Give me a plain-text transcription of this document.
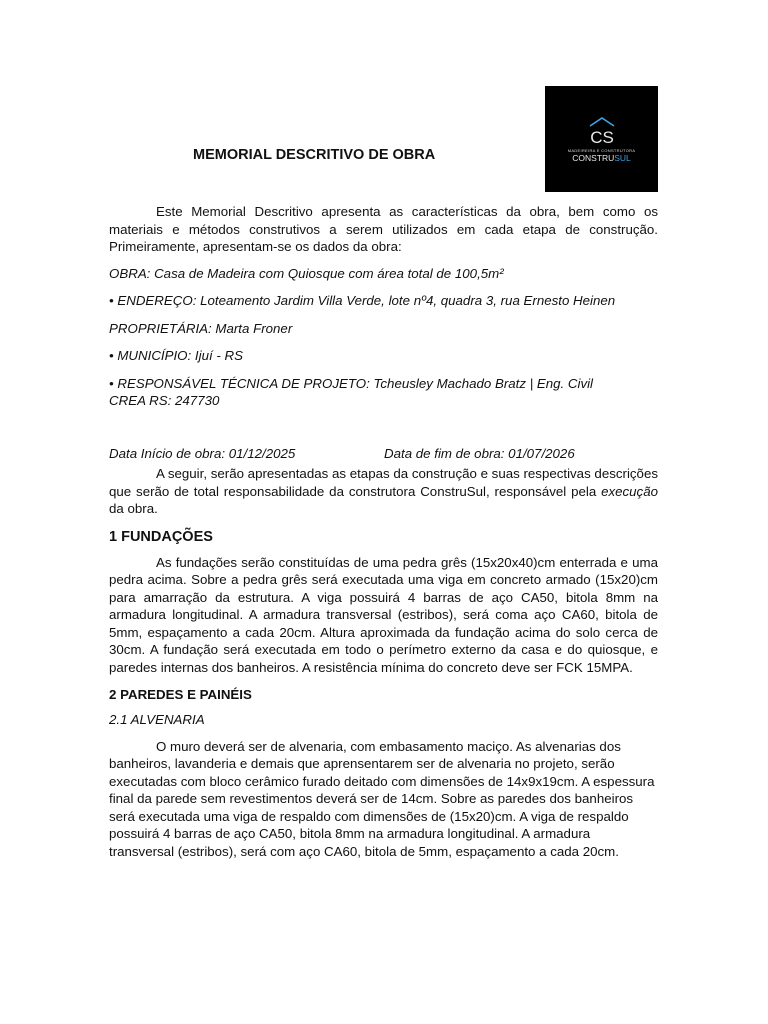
CS
MADEIREIRA E CONSTRUTORA
CONSTRUSUL
MEMORIAL DESCRITIVO DE OBRA

Este Memorial Descritivo apresenta as características da obra, bem como os materiais e métodos construtivos a serem utilizados em cada etapa de construção. Primeiramente, apresentam-se os dados da obra:

OBRA: Casa de Madeira com Quiosque com área total de 100,5m²

• ENDEREÇO: Loteamento Jardim Villa Verde, lote nº4, quadra 3, rua Ernesto Heinen

PROPRIETÁRIA: Marta Froner

• MUNICÍPIO: Ijuí - RS

• RESPONSÁVEL TÉCNICA DE PROJETO: Tcheusley Machado Bratz | Eng. Civil

CREA RS: 247730

Data Início de obra: 01/12/2025	Data de fim de obra: 01/07/2026

A seguir, serão apresentadas as etapas da construção e suas respectivas descrições que serão de total responsabilidade da construtora ConstruSul, responsável pela execução da obra.

1 FUNDAÇÕES

As fundações serão constituídas de uma pedra grês (15x20x40)cm enterrada e uma pedra acima. Sobre a pedra grês será executada uma viga em concreto armado (15x20)cm para amarração da estrutura. A viga possuirá 4 barras de aço CA50, bitola 8mm na armadura longitudinal. A armadura transversal (estribos), será coma aço CA60, bitola de 5mm, espaçamento a cada 20cm. Altura aproximada da fundação acima do solo cerca de 30cm. A fundação será executada em todo o perímetro externo da casa e do quiosque, e paredes internas dos banheiros. A resistência mínima do concreto deve ser FCK 15MPA.

2 PAREDES E PAINÉIS

2.1 ALVENARIA

O muro deverá ser de alvenaria, com embasamento maciço. As alvenarias dos banheiros, lavanderia e demais que aprensentarem ser de alvenaria no projeto, serão executadas com bloco cerâmico furado deitado com dimensões de 14x9x19cm. A espessura final da parede sem revestimentos deverá ser de 14cm. Sobre as paredes dos banheiros será executada uma viga de respaldo com dimensões de (15x20)cm. A viga de respaldo possuirá 4 barras de aço CA50, bitola 8mm na armadura longitudinal. A armadura transversal (estribos), será com aço CA60, bitola de 5mm, espaçamento a cada 20cm.
